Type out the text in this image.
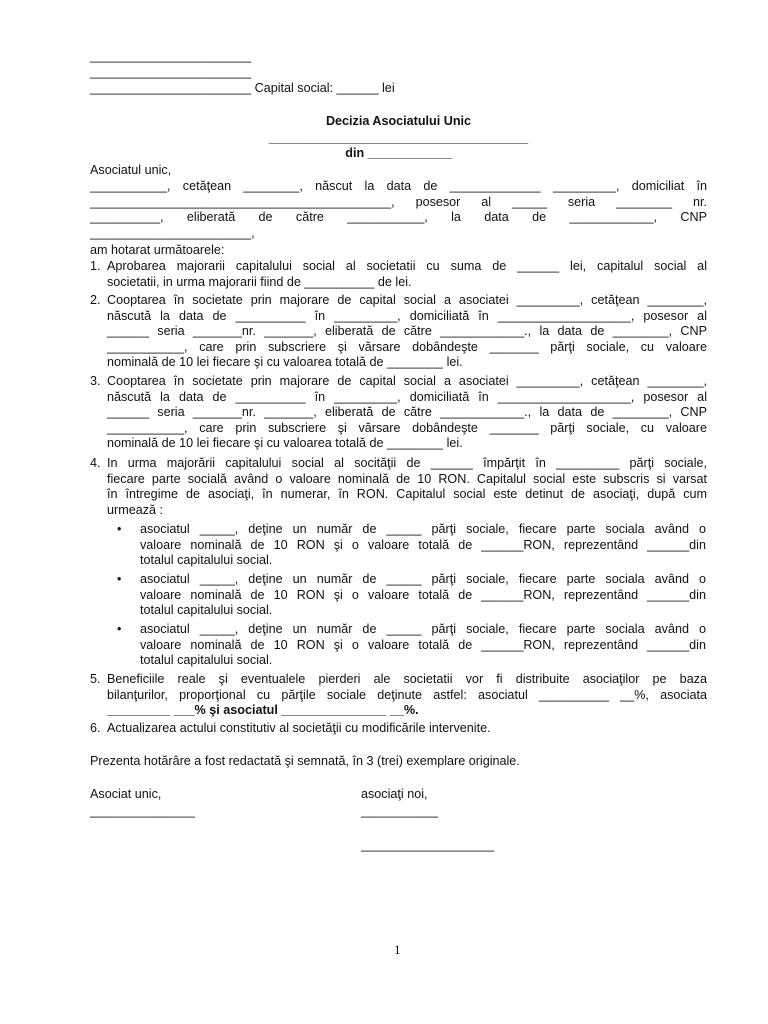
_______________________
_______________________
_______________________ Capital social: ______ lei
Decizia Asociatului Unic
_____________________________________
din ____________
Asociatul unic,
___________, cetăţean ________, născut la data de _____________ _________, domiciliat în
___________________________________________, posesor al _____ seria ________ nr.
__________, eliberată de către ___________, la data de ____________, CNP
_______________________,
am hotarat următoarele:
1. Aprobarea majorarii capitalului social al societatii cu suma de ______ lei, capitalul social al
societatii, in urma majorarii fiind de __________ de lei.
2. Cooptarea în societate prin majorare de capital social a asociatei _________, cetăţean ________,
născută la data de __________ în _________, domiciliată în ___________________, posesor al
______ seria _______nr. _______, eliberată de către ____________., la data de ________, CNP
___________, care prin subscriere şi vărsare dobândeşte _______ părţi sociale, cu valoare
nominală de 10 lei fiecare şi cu valoarea totală de ________ lei.
3. Cooptarea în societate prin majorare de capital social a asociatei _________, cetăţean ________,
născută la data de __________ în _________, domiciliată în ___________________, posesor al
______ seria _______nr. _______, eliberată de către ____________., la data de ________, CNP
___________, care prin subscriere şi vărsare dobândeşte _______ părţi sociale, cu valoare
nominală de 10 lei fiecare şi cu valoarea totală de ________ lei.
4. In urma majorării capitalului social al socităţii de ______ împărţit în _________ părţi sociale,
fiecare parte socială având o valoare nominală de 10 RON. Capitalul social este subscris si varsat
în întregime de asociaţi, în numerar, în RON. Capitalul social este detinut de asociaţi, după cum
urmează :
• asociatul _____, deţine un număr de _____ părţi sociale, fiecare parte sociala având o
valoare nominală de 10 RON şi o valoare totală de ______RON, reprezentând ______din
totalul capitalului social.
• asociatul _____, deţine un număr de _____ părţi sociale, fiecare parte sociala având o
valoare nominală de 10 RON şi o valoare totală de ______RON, reprezentând ______din
totalul capitalului social.
• asociatul _____, deţine un număr de _____ părţi sociale, fiecare parte sociala având o
valoare nominală de 10 RON şi o valoare totală de ______RON, reprezentând ______din
totalul capitalului social.
5. Beneficiile reale şi eventualele pierderi ale societatii vor fi distribuite asociaţilor pe baza
bilanţurilor, proporţional cu părţile sociale deţinute astfel: asociatul __________ __%, asociata
_________ ___% şi asociatul _______________ __%.
6. Actualizarea actului constitutiv al societăţii cu modificările intervenite.
Prezenta hotărâre a fost redactată şi semnată, în 3 (trei) exemplare originale.
Asociat unic,
_______________
asociaţi noi,
___________
___________________
1
